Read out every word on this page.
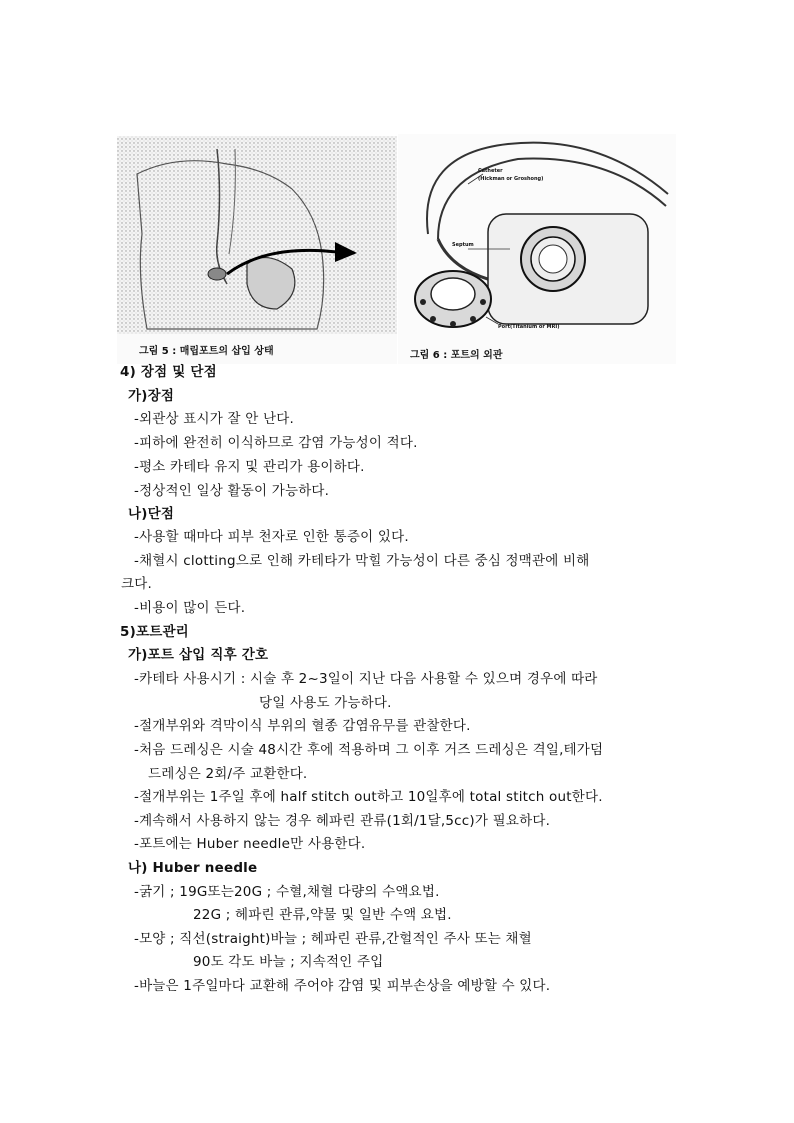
그림 5 : 매립포트의 삽입 상태
Catheter
(Hickman or Groshong)
Septum
Port(Titanium or MRI)
그림 6 : 포트의 외관
4) 장점 및 단점
가)장점
-외관상 표시가 잘 안 난다.
-피하에 완전히 이식하므로 감염 가능성이 적다.
-평소 카테타 유지 및 관리가 용이하다.
-정상적인 일상 활동이 가능하다.
나)단점
-사용할 때마다 피부 천자로 인한 통증이 있다.
-채혈시 clotting으로 인해 카테타가 막힐 가능성이 다른 중심 정맥관에 비해
크다.
-비용이 많이 든다.
5)포트관리
가)포트 삽입 직후 간호
-카테타 사용시기 : 시술 후 2~3일이 지난 다음 사용할 수 있으며 경우에 따라
당일 사용도 가능하다.
-절개부위와 격막이식 부위의 혈종 감염유무를 관찰한다.
-처음 드레싱은 시술 48시간 후에 적용하며 그 이후 거즈 드레싱은 격일,테가덤
드레싱은 2회/주 교환한다.
-절개부위는 1주일 후에 half stitch out하고 10일후에 total stitch out한다.
-계속해서 사용하지 않는 경우 헤파린 관류(1회/1달,5cc)가 필요하다.
-포트에는 Huber needle만 사용한다.
나) Huber needle
-굵기 ; 19G또는20G ; 수혈,채혈 다량의 수액요법.
22G ; 헤파린 관류,약물 및 일반 수액 요법.
-모양 ; 직선(straight)바늘 ; 헤파린 관류,간헐적인 주사 또는 채혈
90도 각도 바늘 ; 지속적인 주입
-바늘은 1주일마다 교환해 주어야 감염 및 피부손상을 예방할 수 있다.
